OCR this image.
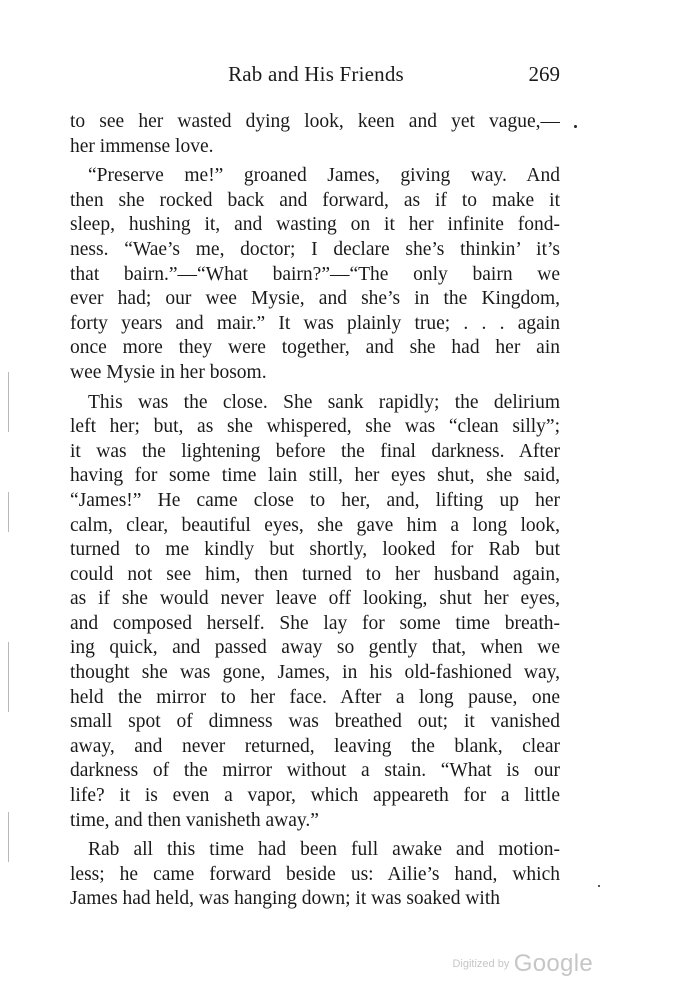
Rab and His Friends	269
to see her wasted dying look, keen and yet vague,—
her immense love.
“Preserve me!” groaned James, giving way. And
then she rocked back and forward, as if to make it
sleep, hushing it, and wasting on it her infinite fond-
ness. “Wae’s me, doctor; I declare she’s thinkin’ it’s
that bairn.”—“What bairn?”—“The only bairn we
ever had; our wee Mysie, and she’s in the Kingdom,
forty years and mair.” It was plainly true; . . . again
once more they were together, and she had her ain
wee Mysie in her bosom.
This was the close. She sank rapidly; the delirium
left her; but, as she whispered, she was “clean silly”;
it was the lightening before the final darkness. After
having for some time lain still, her eyes shut, she said,
“James!” He came close to her, and, lifting up her
calm, clear, beautiful eyes, she gave him a long look,
turned to me kindly but shortly, looked for Rab but
could not see him, then turned to her husband again,
as if she would never leave off looking, shut her eyes,
and composed herself. She lay for some time breath-
ing quick, and passed away so gently that, when we
thought she was gone, James, in his old-fashioned way,
held the mirror to her face. After a long pause, one
small spot of dimness was breathed out; it vanished
away, and never returned, leaving the blank, clear
darkness of the mirror without a stain. “What is our
life? it is even a vapor, which appeareth for a little
time, and then vanisheth away.”
Rab all this time had been full awake and motion-
less; he came forward beside us: Ailie’s hand, which
James had held, was hanging down; it was soaked with
Digitized by Google
